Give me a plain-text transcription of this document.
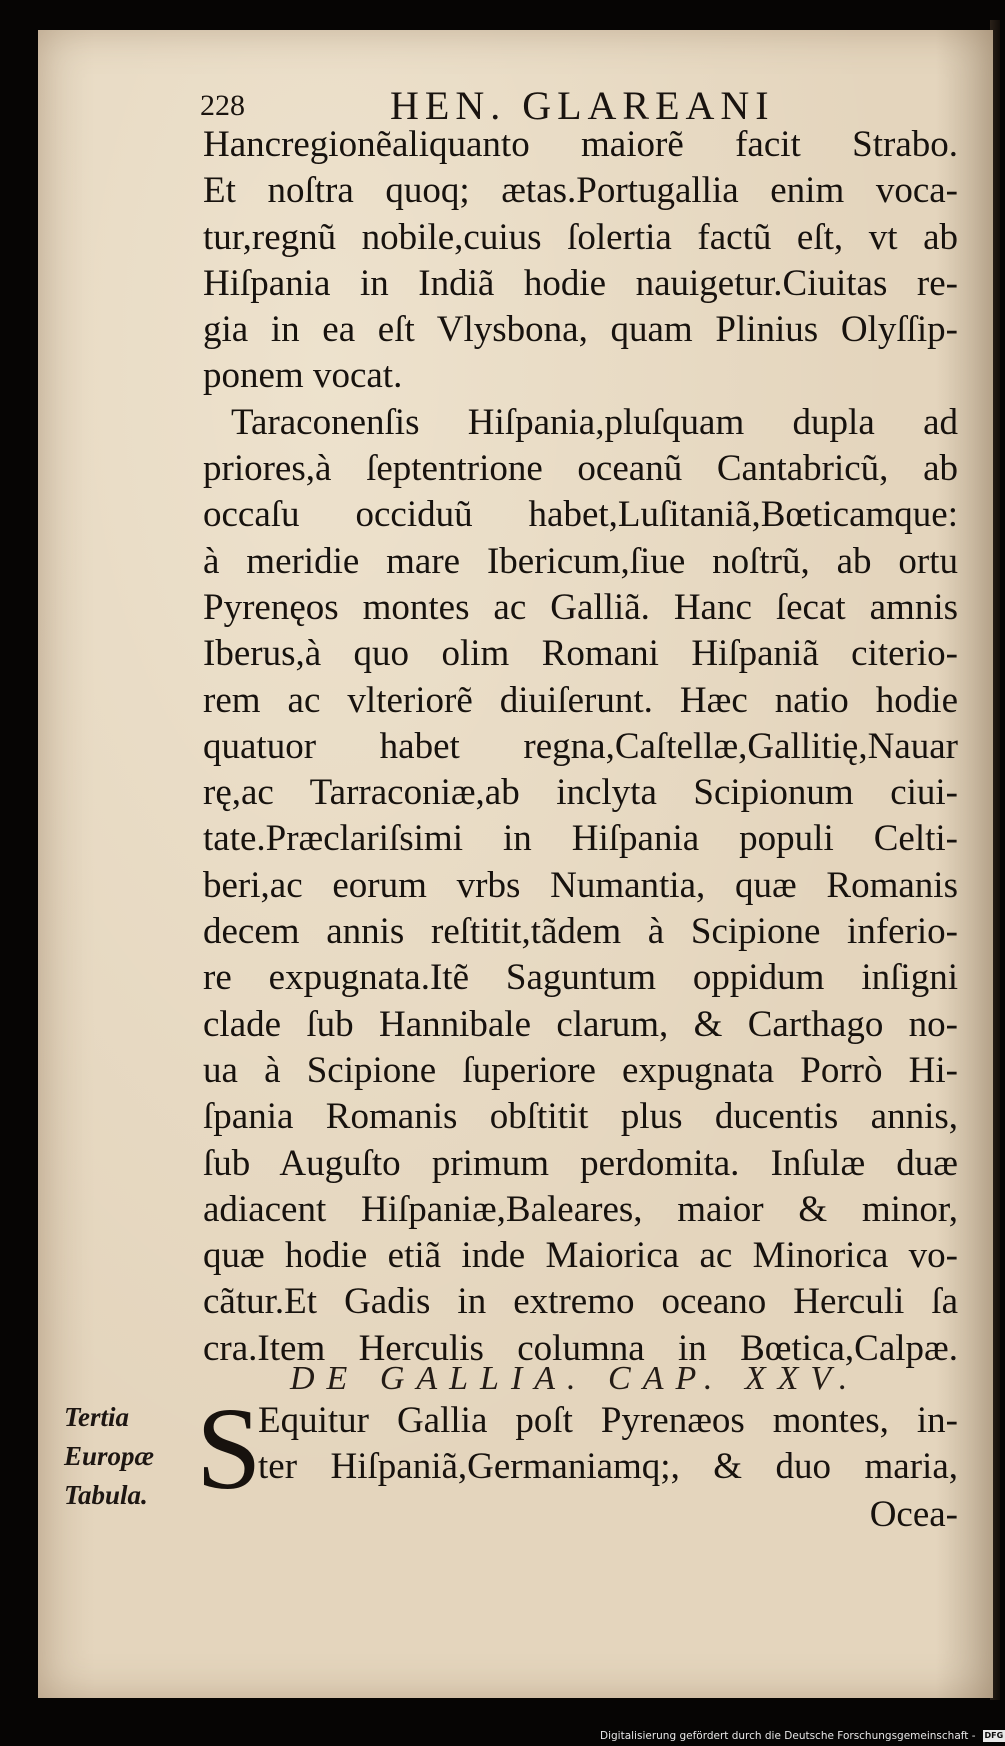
228	HEN. GLAREANI
Hancregionẽaliquanto maiorẽ facit Strabo.
Et noſtra quoq; ætas.Portugallia enim voca-
tur,regnũ nobile,cuius ſolertia factũ eſt, vt ab
Hiſpania in Indiã hodie nauigetur.Ciuitas re-
gia in ea eſt Vlysbona, quam Plinius Olyſſip-
ponem vocat.
Taraconenſis Hiſpania,pluſquam dupla ad
priores,à ſeptentrione oceanũ Cantabricũ, ab
occaſu occiduũ habet,Luſitaniã,Bœticamque:
à meridie mare Ibericum,ſiue noſtrũ, ab ortu
Pyrenęos montes ac Galliã. Hanc ſecat amnis
Iberus,à quo olim Romani Hiſpaniã citerio-
rem ac vlteriorẽ diuiſerunt. Hæc natio hodie
quatuor habet regna,Caſtellæ,Gallitię,Nauar
rę,ac Tarraconiæ,ab inclyta Scipionum ciui-
tate.Præclariſsimi in Hiſpania populi Celti-
beri,ac eorum vrbs Numantia, quæ Romanis
decem annis reſtitit,tãdem à Scipione inferio-
re expugnata.Itẽ Saguntum oppidum inſigni
clade ſub Hannibale clarum, & Carthago no-
ua à Scipione ſuperiore expugnata Porrò Hi-
ſpania Romanis obſtitit plus ducentis annis,
ſub Auguſto primum perdomita. Inſulæ duæ
adiacent Hiſpaniæ,Baleares, maior & minor,
quæ hodie etiã inde Maiorica ac Minorica vo-
cãtur.Et Gadis in extremo oceano Herculi ſa
cra.Item Herculis columna in Bœtica,Calpæ.
DE GALLIA. CAP. XXV.
S
Equitur Gallia poſt Pyrenæos montes, in-
ter Hiſpaniã,Germaniamq;, & duo maria,
Ocea-
Tertia
Europæ
Tabula.
Digitalisierung gefördert durch die Deutsche Forschungsgemeinschaft - DFG
